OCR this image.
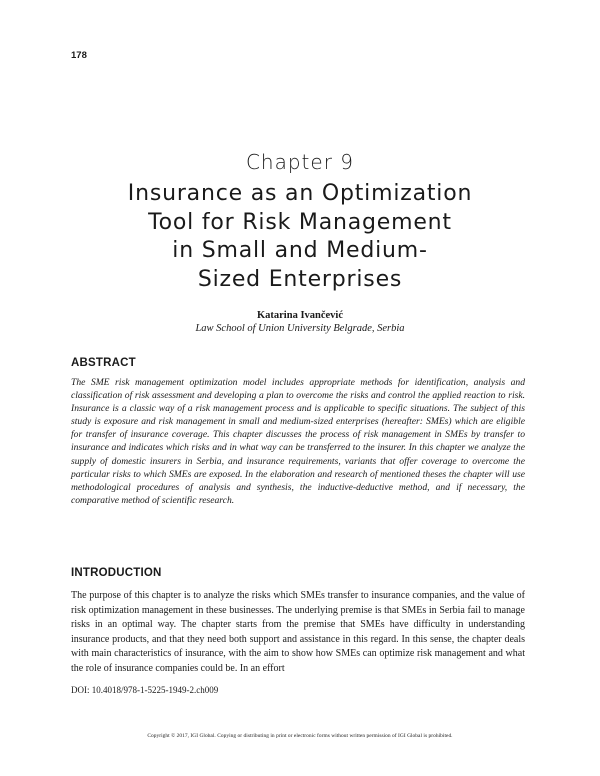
178
Chapter 9
Insurance as an Optimization
Tool for Risk Management
in Small and Medium-
Sized Enterprises
Katarina Ivančević
Law School of Union University Belgrade, Serbia
ABSTRACT

The SME risk management optimization model includes appropriate methods for identification, analysis and classification of risk assessment and developing a plan to overcome the risks and control the applied reaction to risk. Insurance is a classic way of a risk management process and is applicable to specific situations. The subject of this study is exposure and risk management in small and medium-sized enterprises (hereafter: SMEs) which are eligible for transfer of insurance coverage. This chapter discusses the process of risk management in SMEs by transfer to insurance and indicates which risks and in what way can be transferred to the insurer. In this chapter we analyze the supply of domestic insurers in Serbia, and insurance requirements, variants that offer coverage to overcome the particular risks to which SMEs are exposed. In the elaboration and research of mentioned theses the chapter will use methodological procedures of analysis and synthesis, the inductive-deductive method, and if necessary, the comparative method of scientific research.

INTRODUCTION

The purpose of this chapter is to analyze the risks which SMEs transfer to insurance companies, and the value of risk optimization management in these businesses. The underlying premise is that SMEs in Serbia fail to manage risks in an optimal way. The chapter starts from the premise that SMEs have difficulty in understanding insurance products, and that they need both support and assistance in this regard. In this sense, the chapter deals with main characteristics of insurance, with the aim to show how SMEs can optimize risk management and what the role of insurance companies could be. In an effort

DOI: 10.4018/978-1-5225-1949-2.ch009
Copyright © 2017, IGI Global. Copying or distributing in print or electronic forms without written permission of IGI Global is prohibited.
